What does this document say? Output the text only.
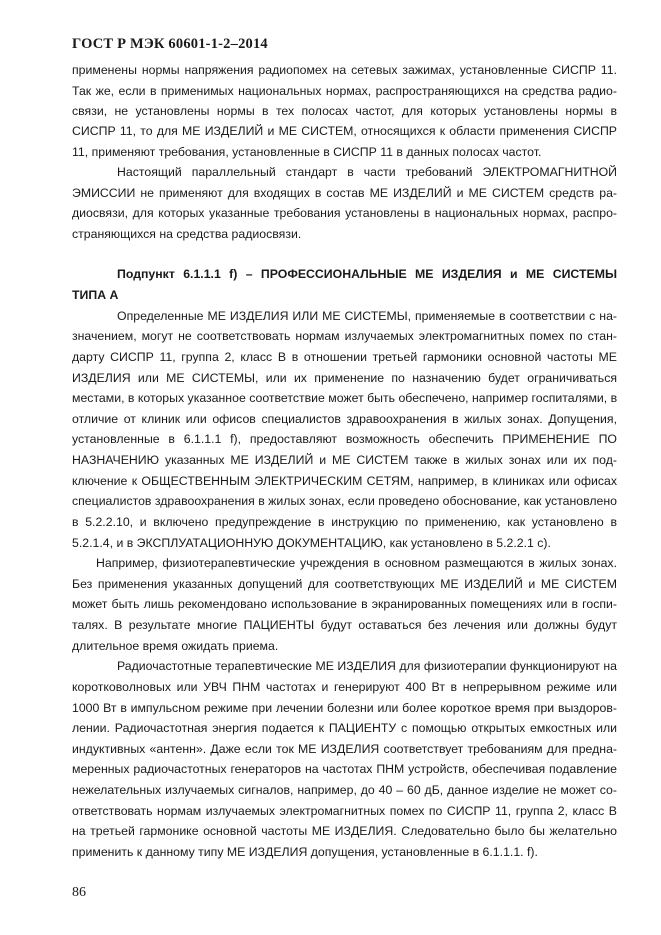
ГОСТ Р МЭК 60601-1-2–2014
применены нормы напряжения радиопомех на сетевых зажимах, установленные СИСПР 11.
Так же, если в применимых национальных нормах, распространяющихся на средства радио-
связи, не установлены нормы в тех полосах частот, для которых установлены нормы в
СИСПР 11, то для МЕ ИЗДЕЛИЙ и МЕ СИСТЕМ, относящихся к области применения СИСПР
11, применяют требования, установленные в СИСПР 11 в данных полосах частот.
Настоящий параллельный стандарт в части требований ЭЛЕКТРОМАГНИТНОЙ
ЭМИССИИ не применяют для входящих в состав МЕ ИЗДЕЛИЙ и МЕ СИСТЕМ средств ра-
диосвязи, для которых указанные требования установлены в национальных нормах, распро-
страняющихся на средства радиосвязи.
Подпункт 6.1.1.1 f) – ПРОФЕССИОНАЛЬНЫЕ МЕ ИЗДЕЛИЯ и МЕ СИСТЕМЫ
ТИПА А
Определенные МЕ ИЗДЕЛИЯ ИЛИ МЕ СИСТЕМЫ, применяемые в соответствии с на-
значением, могут не соответствовать нормам излучаемых электромагнитных помех по стан-
дарту СИСПР 11, группа 2, класс В в отношении третьей гармоники основной частоты МЕ
ИЗДЕЛИЯ или МЕ СИСТЕМЫ, или их применение по назначению будет ограничиваться
местами, в которых указанное соответствие может быть обеспечено, например госпиталями, в
отличие от клиник или офисов специалистов здравоохранения в жилых зонах. Допущения,
установленные в 6.1.1.1 f), предоставляют возможность обеспечить ПРИМЕНЕНИЕ ПО
НАЗНАЧЕНИЮ указанных МЕ ИЗДЕЛИЙ и МЕ СИСТЕМ также в жилых зонах или их под-
ключение к ОБЩЕСТВЕННЫМ ЭЛЕКТРИЧЕСКИМ СЕТЯМ, например, в клиниках или офисах
специалистов здравоохранения в жилых зонах, если проведено обоснование, как установлено
в 5.2.2.10, и включено предупреждение в инструкцию по применению, как установлено в
5.2.1.4, и в ЭКСПЛУАТАЦИОННУЮ ДОКУМЕНТАЦИЮ, как установлено в 5.2.2.1 с).
Например, физиотерапевтические учреждения в основном размещаются в жилых зонах.
Без применения указанных допущений для соответствующих МЕ ИЗДЕЛИЙ и МЕ СИСТЕМ
может быть лишь рекомендовано использование в экранированных помещениях или в госпи-
талях. В результате многие ПАЦИЕНТЫ будут оставаться без лечения или должны будут
длительное время ожидать приема.
Радиочастотные терапевтические МЕ ИЗДЕЛИЯ для физиотерапии функционируют на
коротковолновых или УВЧ ПНМ частотах и генерируют 400 Вт в непрерывном режиме или
1000 Вт в импульсном режиме при лечении болезни или более короткое время при выздоров-
лении. Радиочастотная энергия подается к ПАЦИЕНТУ с помощью открытых емкостных или
индуктивных «антенн». Даже если ток МЕ ИЗДЕЛИЯ соответствует требованиям для предна-
меренных радиочастотных генераторов на частотах ПНМ устройств, обеспечивая подавление
нежелательных излучаемых сигналов, например, до 40 – 60 дБ, данное изделие не может со-
ответствовать нормам излучаемых электромагнитных помех по СИСПР 11, группа 2, класс В
на третьей гармонике основной частоты МЕ ИЗДЕЛИЯ. Следовательно было бы желательно
применить к данному типу МЕ ИЗДЕЛИЯ допущения, установленные в 6.1.1.1. f).
86
